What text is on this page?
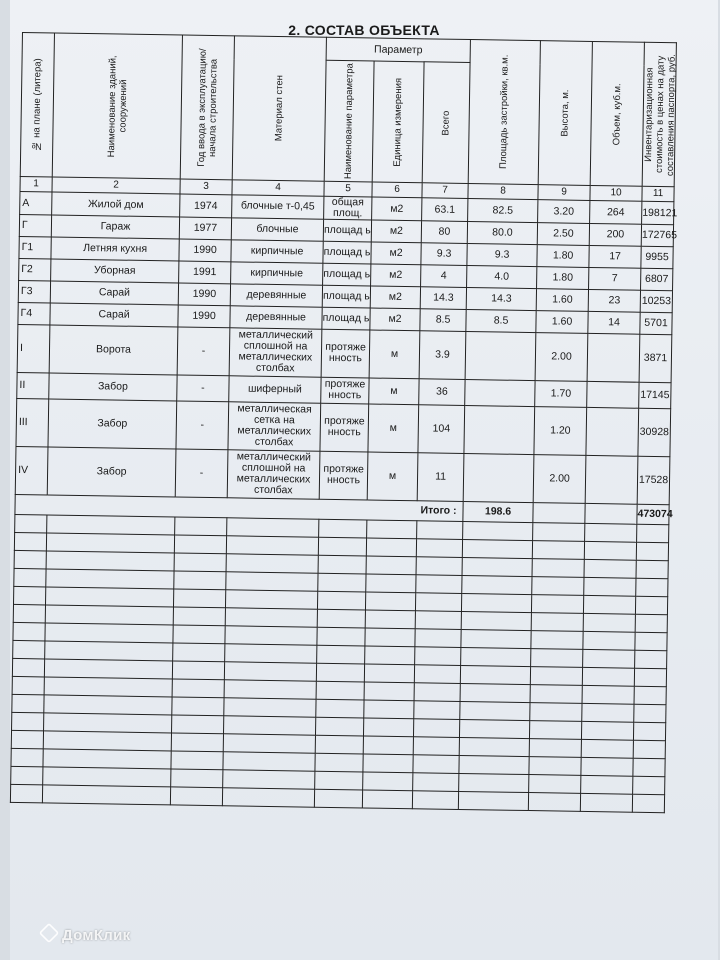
2. СОСТАВ ОБЪЕКТА
№ на плане (литера)	Наименование зданий, сооружений	Год ввода в эксплуатацию/начала строительства	Материал стен	Параметр			Площадь застройки, кв.м.	Высота, м.	Объем, куб.м.	Инвентаризационная стоимость в ценах на дату составления паспорта, руб.

				Наименование параметра	Единица измерения	Всего				

1	2	3	4	5	6	7	8	9	10	11
А	Жилой дом	1974	блочные т-0,45	общая площ.	м2	63.1	82.5	3.20	264	198121
Г	Гараж	1977	блочные	площад ь	м2	80	80.0	2.50	200	172765
Г1	Летняя кухня	1990	кирпичные	площад ь	м2	9.3	9.3	1.80	17	9955
Г2	Уборная	1991	кирпичные	площад ь	м2	4	4.0	1.80	7	6807
Г3	Сарай	1990	деревянные	площад ь	м2	14.3	14.3	1.60	23	10253
Г4	Сарай	1990	деревянные	площад ь	м2	8.5	8.5	1.60	14	5701
I	Ворота	-	металлический сплошной на металлических столбах	протяже нность	м	3.9		2.00		3871
II	Забор	-	шиферный	протяже нность	м	36		1.70		17145
III	Забор	-	металлическая сетка на металлических столбах	протяже нность	м	104		1.20		30928
IV	Забор	-	металлический сплошной на металлических столбах	протяже нность	м	11		2.00		17528
Итого :							198.6			473074

ДомКлик
